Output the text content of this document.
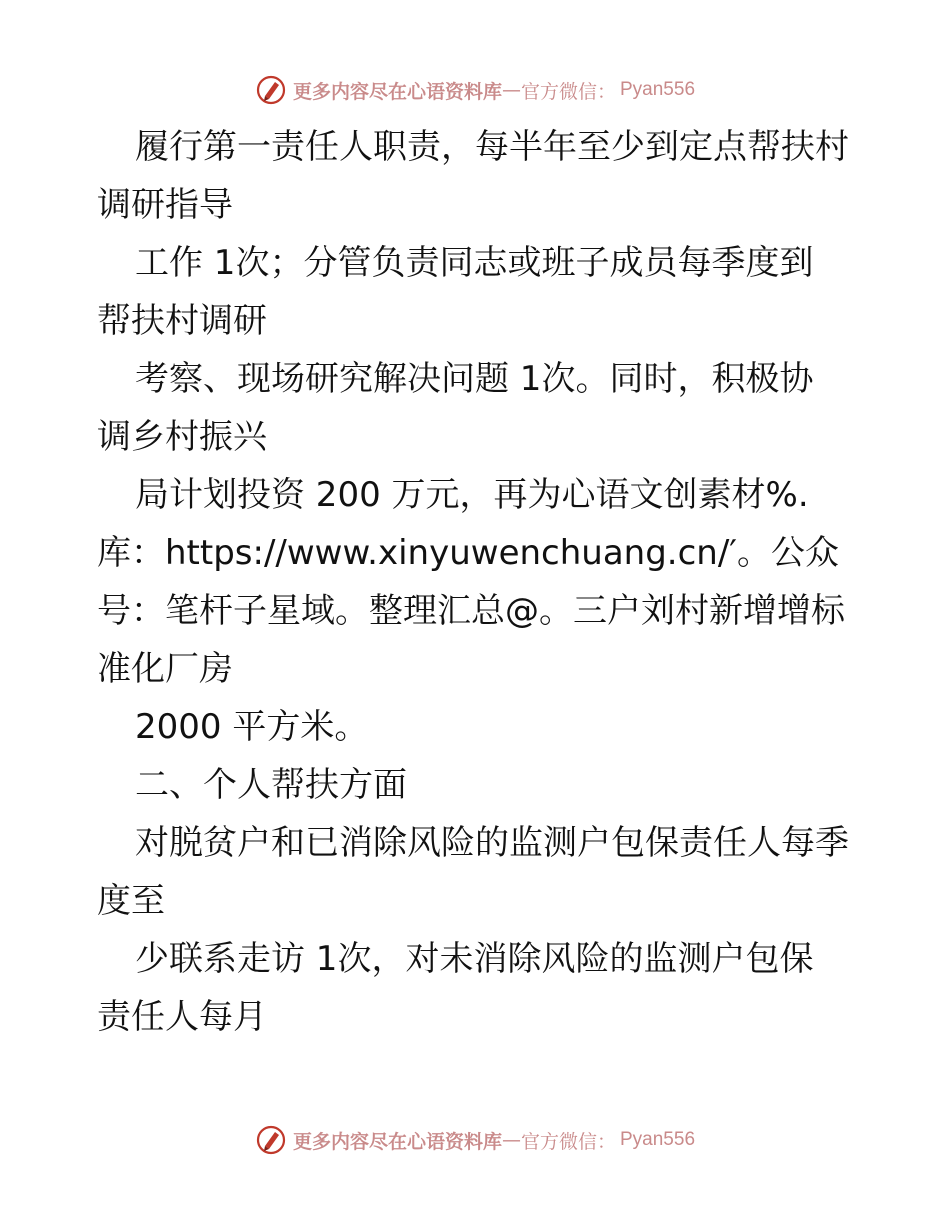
更多内容尽在心语资料库 — 官方微信： Pyan556
履行第一责任人职责，每半年至少到定点帮扶村
调研指导
工作 1次；分管负责同志或班子成员每季度到
帮扶村调研
考察、现场研究解决问题 1次。同时，积极协
调乡村振兴
局计划投资 200 万元，再为心语文创素材%.
库：https://www.xinyuwenchuang.cn/′。公众
号：笔杆子星域。整理汇总@。三户刘村新增增标
准化厂房
2000 平方米。
二、个人帮扶方面
对脱贫户和已消除风险的监测户包保责任人每季
度至
少联系走访 1次，对未消除风险的监测户包保
责任人每月
更多内容尽在心语资料库 — 官方微信： Pyan556
